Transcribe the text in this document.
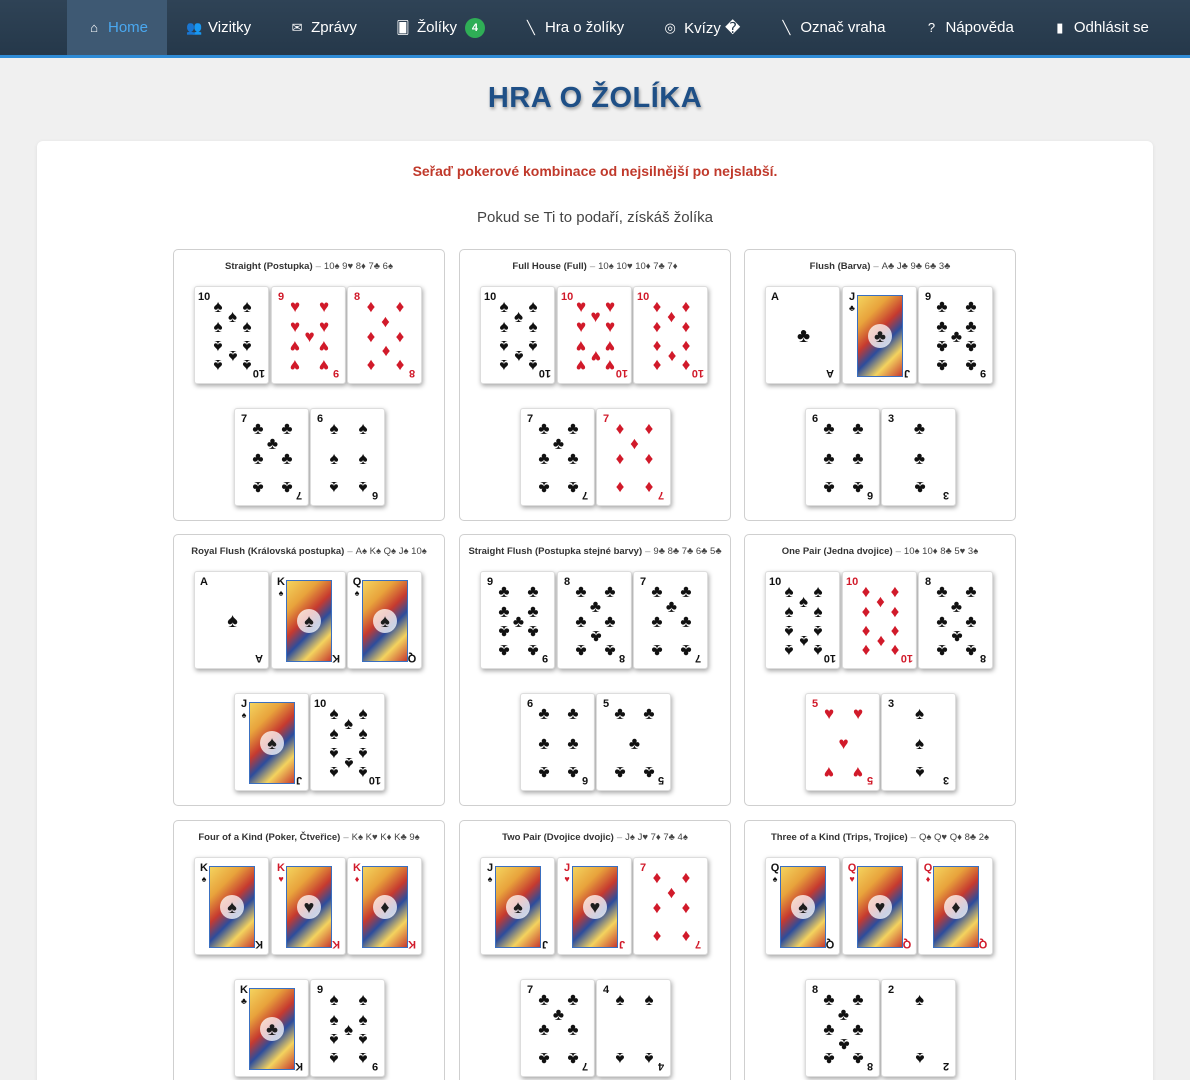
⌂ Home	👥 Vizitky	✉ Zprávy	🂠 Žolíky	4	╲ Hra o žolíky	◎ Kvízy �	╲ Označ vraha	? Nápověda	▮ Odhlásit se
HRA O ŽOLÍKA

Seřaď pokerové kombinace od nejsilnější po nejslabší.

Pokud se Ti to podaří, získáš žolíka

Straight (Postupka) – 10♠ 9♥ 8♦ 7♣ 6♠
10
10
♠ ♠
♠
♠ ♠
♠ ♠
♠
♠ ♠
9
9
♥ ♥
♥ ♥
♥
♥ ♥
♥ ♥
8
8
♦ ♦
♦
♦ ♦
♦
♦ ♦
7
7
♣ ♣
♣
♣ ♣
♣ ♣
6
6
♠ ♠
♠ ♠
♠ ♠
Full House (Full) – 10♠ 10♥ 10♦ 7♣ 7♦
10
10
♠ ♠
♠
♠ ♠
♠ ♠
♠
♠ ♠
10
10
♥ ♥
♥
♥ ♥
♥ ♥
♥
♥ ♥
10
10
♦ ♦
♦
♦ ♦
♦ ♦
♦
♦ ♦
7
7
♣ ♣
♣
♣ ♣
♣ ♣
7
7
♦ ♦
♦
♦ ♦
♦ ♦
Flush (Barva) – A♣ J♣ 9♣ 6♣ 3♣
A
A
♣
J
♣
J
♣
9
9
♣ ♣
♣ ♣
♣
♣ ♣
♣ ♣
6
6
♣ ♣
♣ ♣
♣ ♣
3
3
♣
♣
♣
Royal Flush (Královská postupka) – A♠ K♠ Q♠ J♠ 10♠
A
A
♠
K
♠
K
♠
Q
♠
Q
♠
J
♠
J
♠
10
10
♠ ♠
♠
♠ ♠
♠ ♠
♠
♠ ♠
Straight Flush (Postupka stejné barvy) – 9♣ 8♣ 7♣ 6♣ 5♣
9
9
♣ ♣
♣ ♣
♣
♣ ♣
♣ ♣
8
8
♣ ♣
♣
♣ ♣
♣
♣ ♣
7
7
♣ ♣
♣
♣ ♣
♣ ♣
6
6
♣ ♣
♣ ♣
♣ ♣
5
5
♣ ♣
♣
♣ ♣
One Pair (Jedna dvojice) – 10♠ 10♦ 8♣ 5♥ 3♠
10
10
♠ ♠
♠
♠ ♠
♠ ♠
♠
♠ ♠
10
10
♦ ♦
♦
♦ ♦
♦ ♦
♦
♦ ♦
8
8
♣ ♣
♣
♣ ♣
♣
♣ ♣
5
5
♥ ♥
♥
♥ ♥
3
3
♠
♠
♠
Four of a Kind (Poker, Čtveřice) – K♠ K♥ K♦ K♣ 9♠
K
♠
K
♠
K
♥
K
♥
K
♦
K
♦
K
♣
K
♣
9
9
♠ ♠
♠ ♠
♠
♠ ♠
♠ ♠
Two Pair (Dvojice dvojic) – J♠ J♥ 7♦ 7♣ 4♠
J
♠
J
♠
J
♥
J
♥
7
7
♦ ♦
♦
♦ ♦
♦ ♦
7
7
♣ ♣
♣
♣ ♣
♣ ♣
4
4
♠ ♠
♠ ♠
Three of a Kind (Trips, Trojice) – Q♠ Q♥ Q♦ 8♣ 2♠
Q
♠
Q
♠
Q
♥
Q
♥
Q
♦
Q
♦
8
8
♣ ♣
♣
♣ ♣
♣
♣ ♣
2
2
♠
♠
